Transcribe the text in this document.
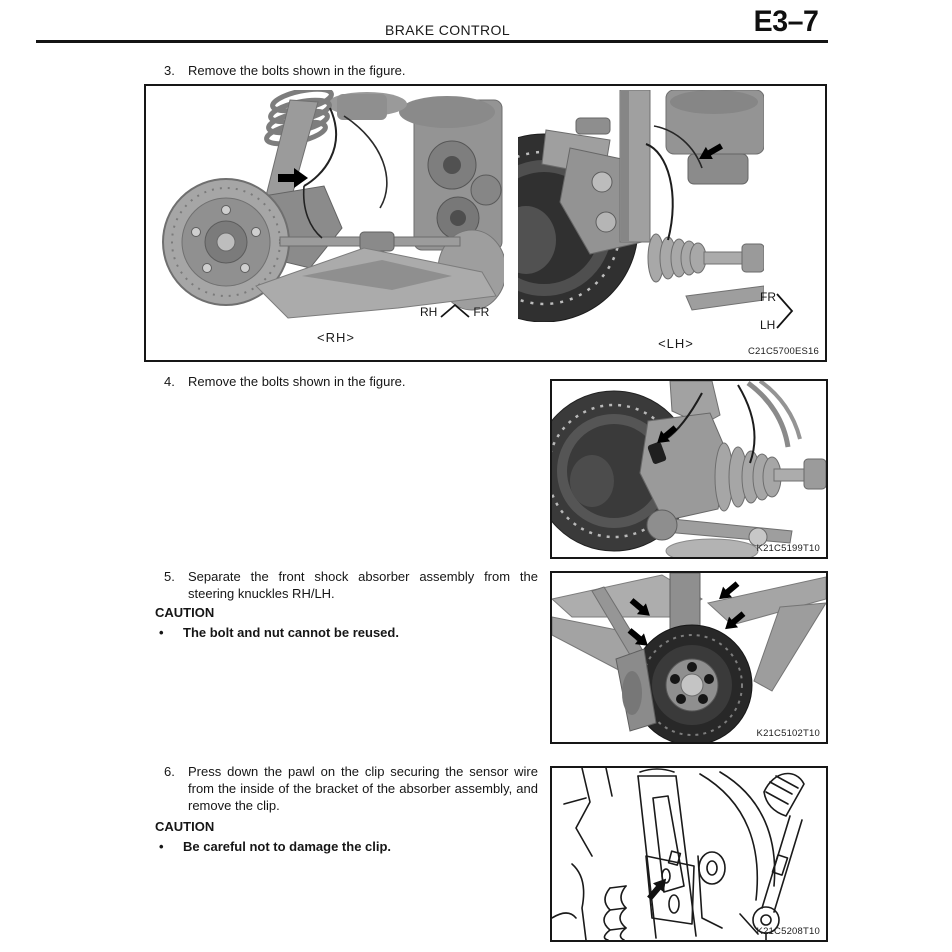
BRAKE CONTROL	E3–7
3.	Remove the bolts shown in the figure.
<RH>	<LH>
RH	FR
FR
LH
C21C5700ES16
4.	Remove the bolts shown in the figure.
K21C5199T10
5.	Separate the front shock absorber assembly from the steering knuckles RH/LH.
CAUTION
•	The bolt and nut cannot be reused.
K21C5102T10
6.	Press down the pawl on the clip securing the sensor wire from the inside of the bracket of the absorber assembly, and remove the clip.
CAUTION
•	Be careful not to damage the clip.
K21C5208T10
